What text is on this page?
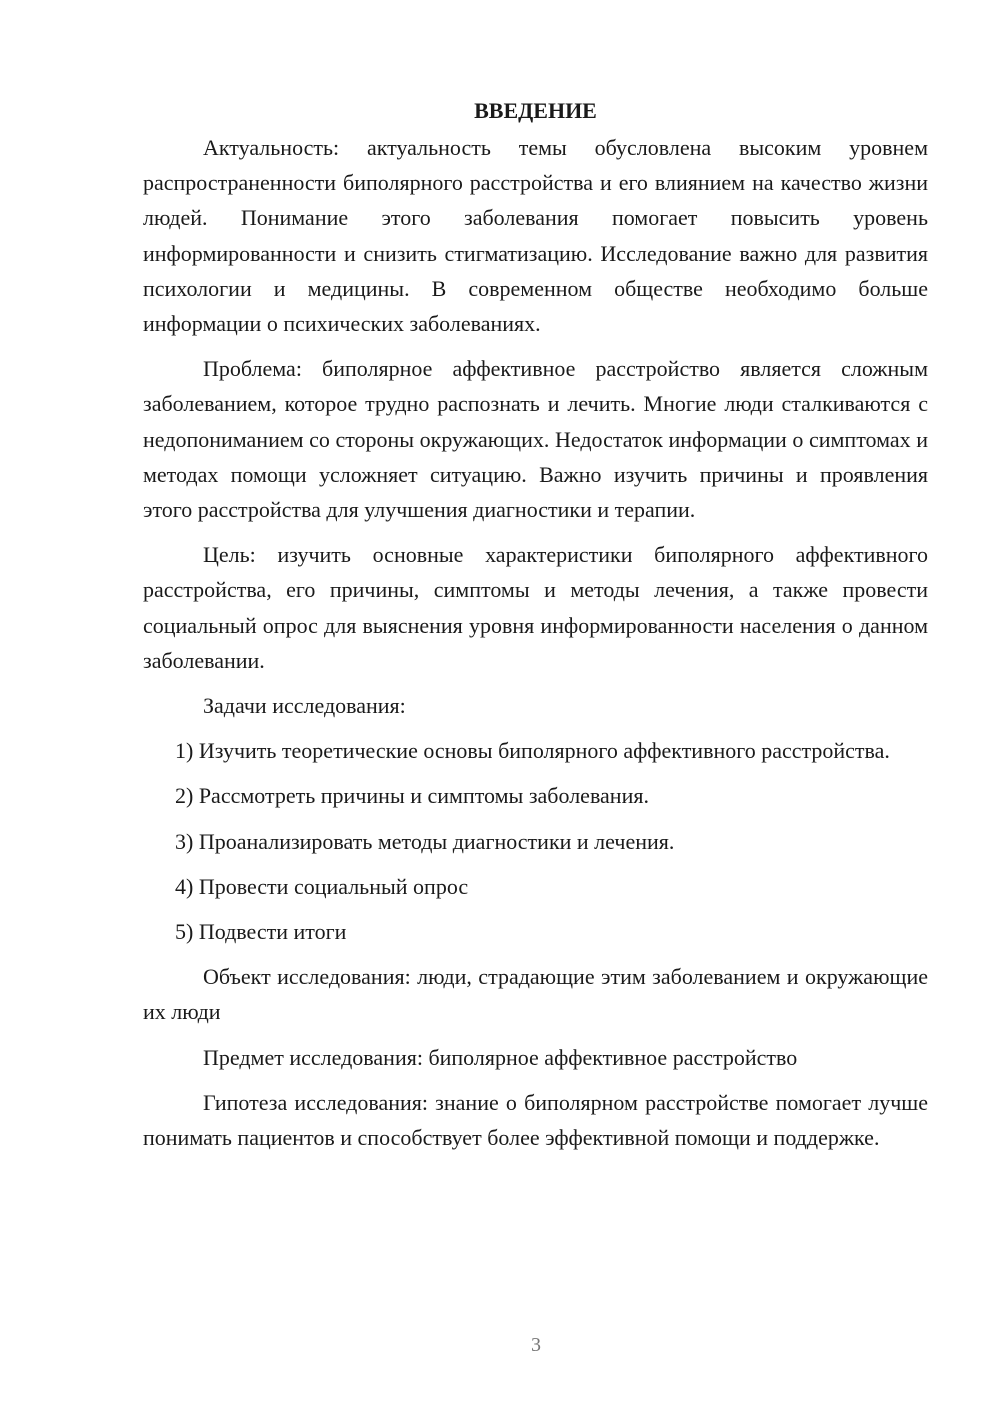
ВВЕДЕНИЕ

Актуальность: актуальность темы обусловлена высоким уровнем распространенности биполярного расстройства и его влиянием на качество жизни людей. Понимание этого заболевания помогает повысить уровень информированности и снизить стигматизацию. Исследование важно для развития психологии и медицины. В современном обществе необходимо больше информации о психических заболеваниях.

Проблема: биполярное аффективное расстройство является сложным заболеванием, которое трудно распознать и лечить. Многие люди сталкиваются с недопониманием со стороны окружающих. Недостаток информации о симптомах и методах помощи усложняет ситуацию. Важно изучить причины и проявления этого расстройства для улучшения диагностики и терапии.

Цель: изучить основные характеристики биполярного аффективного расстройства, его причины, симптомы и методы лечения, а также провести социальный опрос для выяснения уровня информированности населения о данном заболевании.

Задачи исследования:

1) Изучить теоретические основы биполярного аффективного расстройства.

2) Рассмотреть причины и симптомы заболевания.

3) Проанализировать методы диагностики и лечения.

4) Провести социальный опрос

5) Подвести итоги

Объект исследования: люди, страдающие этим заболеванием и окружающие их люди

Предмет исследования: биполярное аффективное расстройство

Гипотеза исследования: знание о биполярном расстройстве помогает лучше понимать пациентов и способствует более эффективной помощи и поддержке.

3
